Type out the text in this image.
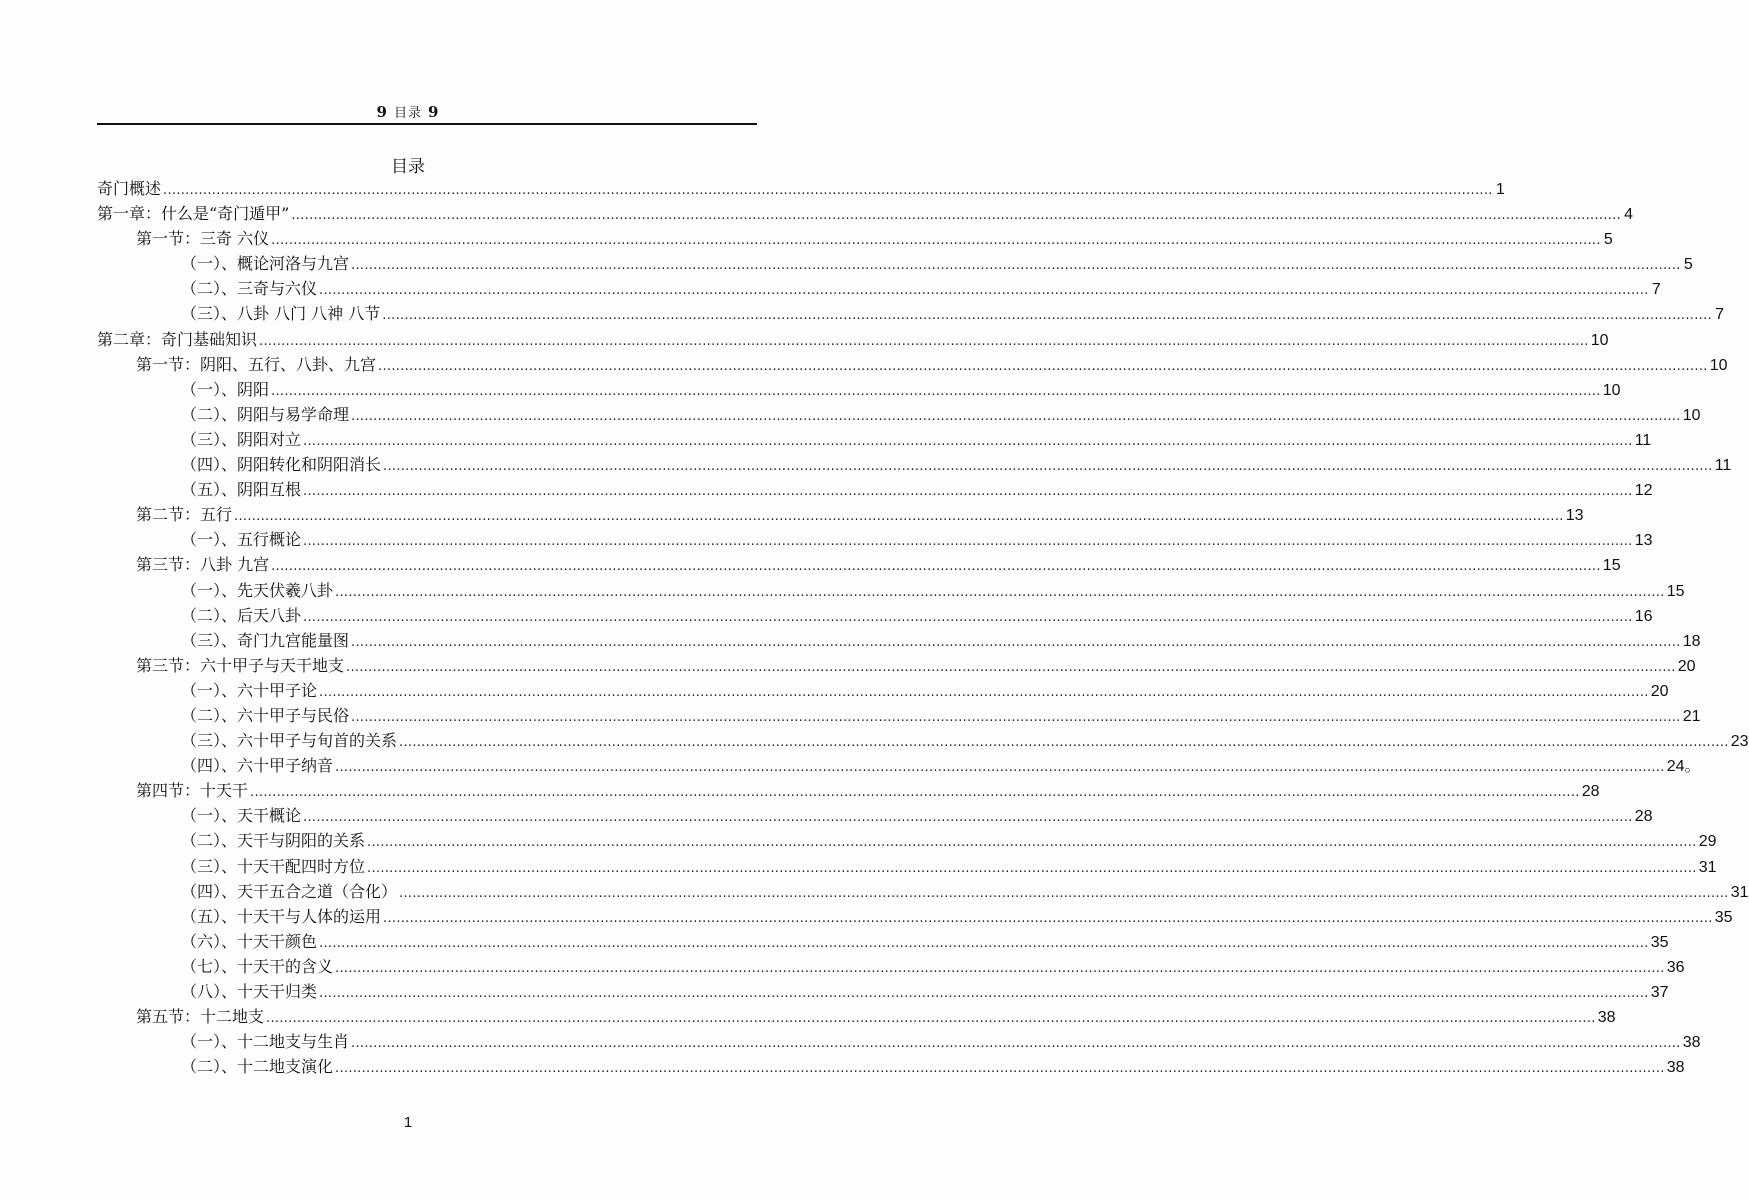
9 目录 9
目录
奇门概述 ............................................................................................................................................................................................................................................................................................................ 1
第一章：什么是“奇门遁甲” ............................................................................................................................................................................................................................................................................................................ 4
第一节：三奇 六仪 ............................................................................................................................................................................................................................................................................................................ 5
（一）、概论河洛与九宫 ............................................................................................................................................................................................................................................................................................................ 5
（二）、三奇与六仪 ............................................................................................................................................................................................................................................................................................................ 7
（三）、八卦 八门 八神 八节 ............................................................................................................................................................................................................................................................................................................ 7
第二章：奇门基础知识 ............................................................................................................................................................................................................................................................................................................ 10
第一节：阴阳、五行、八卦、九宫 ............................................................................................................................................................................................................................................................................................................ 10
（一）、阴阳 ............................................................................................................................................................................................................................................................................................................ 10
（二）、阴阳与易学命理 ............................................................................................................................................................................................................................................................................................................ 10
（三）、阴阳对立 ............................................................................................................................................................................................................................................................................................................ 11
（四）、阴阳转化和阴阳消长 ............................................................................................................................................................................................................................................................................................................ 11
（五）、阴阳互根 ............................................................................................................................................................................................................................................................................................................ 12
第二节：五行 ............................................................................................................................................................................................................................................................................................................ 13
（一）、五行概论 ............................................................................................................................................................................................................................................................................................................ 13
第三节：八卦 九宫 ............................................................................................................................................................................................................................................................................................................ 15
（一）、先天伏羲八卦 ............................................................................................................................................................................................................................................................................................................ 15
（二）、后天八卦 ............................................................................................................................................................................................................................................................................................................ 16
（三）、奇门九宫能量图 ............................................................................................................................................................................................................................................................................................................ 18
第三节：六十甲子与天干地支 ............................................................................................................................................................................................................................................................................................................ 20
（一）、六十甲子论 ............................................................................................................................................................................................................................................................................................................ 20
（二）、六十甲子与民俗 ............................................................................................................................................................................................................................................................................................................ 21
（三）、六十甲子与旬首的关系 ............................................................................................................................................................................................................................................................................................................ 23
（四）、六十甲子纳音 ............................................................................................................................................................................................................................................................................................................ 24。
第四节：十天干 ............................................................................................................................................................................................................................................................................................................ 28
（一）、天干概论 ............................................................................................................................................................................................................................................................................................................ 28
（二）、天干与阴阳的关系 ............................................................................................................................................................................................................................................................................................................ 29
（三）、十天干配四时方位 ............................................................................................................................................................................................................................................................................................................ 31
（四）、天干五合之道（合化） ............................................................................................................................................................................................................................................................................................................ 31
（五）、十天干与人体的运用 ............................................................................................................................................................................................................................................................................................................ 35
（六）、十天干颜色 ............................................................................................................................................................................................................................................................................................................ 35
（七）、十天干的含义 ............................................................................................................................................................................................................................................................................................................ 36
（八）、十天干归类 ............................................................................................................................................................................................................................................................................................................ 37
第五节：十二地支 ............................................................................................................................................................................................................................................................................................................ 38
（一）、十二地支与生肖 ............................................................................................................................................................................................................................................................................................................ 38
（二）、十二地支演化 ............................................................................................................................................................................................................................................................................................................ 38
1
